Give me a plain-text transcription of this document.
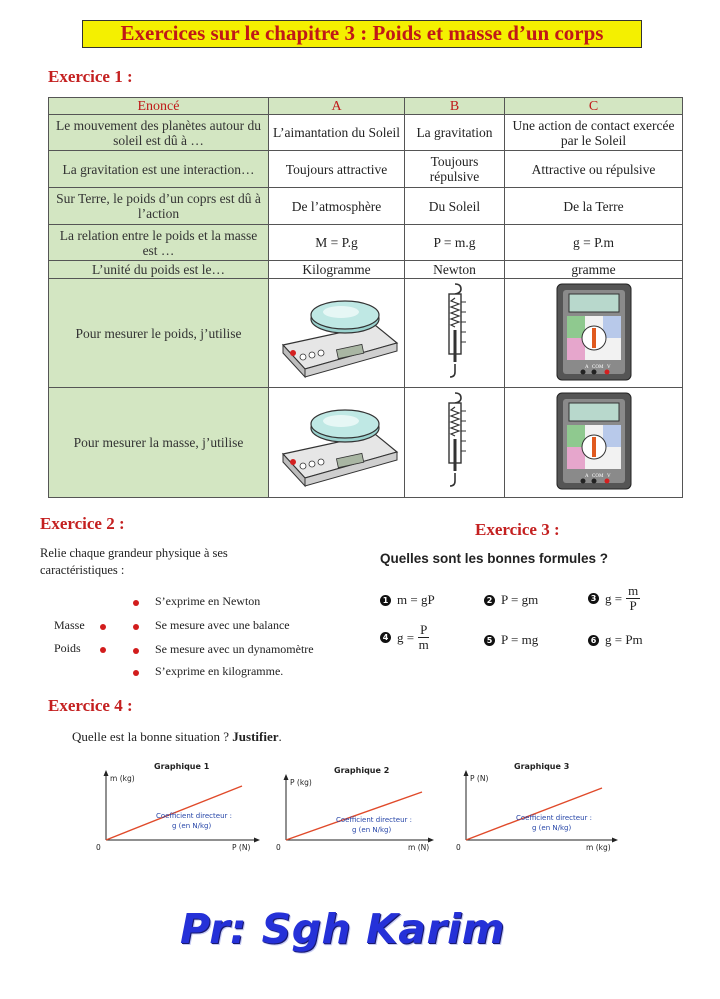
Exercices sur le chapitre 3 : Poids et masse d’un corps
Exercice 1 :
Enoncé	A	B	C
Le mouvement des planètes autour du soleil est dû à …	L’aimantation du Soleil	La gravitation	Une action de contact exercée par le Soleil
La gravitation est une interaction…	Toujours attractive	Toujours répulsive	Attractive ou répulsive
Sur Terre, le poids d’un coprs est dû à l’action	De l’atmosphère	Du Soleil	De la Terre
La relation entre le poids et la masse est …	M = P.g	P = m.g	g = P.m
L’unité du poids est le…	Kilogramme	Newton	gramme
Pour mesurer le poids, j’utilise			A COM V

Pour mesurer la masse, j’utilise			A COM V
Exercice 2 :
Relie chaque grandeur physique à ses
caractéristiques :
Masse
Poids
S’exprime en Newton
Se mesure avec une balance
Se mesure avec un dynamomètre
S’exprime en kilogramme.
Exercice 3 :
Quelles sont les bonnes formules ?
1 m = gP	2 P = gm	3 $g = \frac{m}{P}$
4 $g = \frac{P}{m}$	5 P = mg	6 g = Pm
Exercice 4 :
Quelle est la bonne situation ? Justifier.
Graphique 1
m (kg)
P (N)
0
Coefficient directeur :
g (en N/kg)
Graphique 2
P (kg)
m (N)
0
Coefficient directeur :
g (en N/kg)
Graphique 3
P (N)
m (kg)
0
Coefficient directeur :
g (en N/kg)
Pr: Sgh Karim
